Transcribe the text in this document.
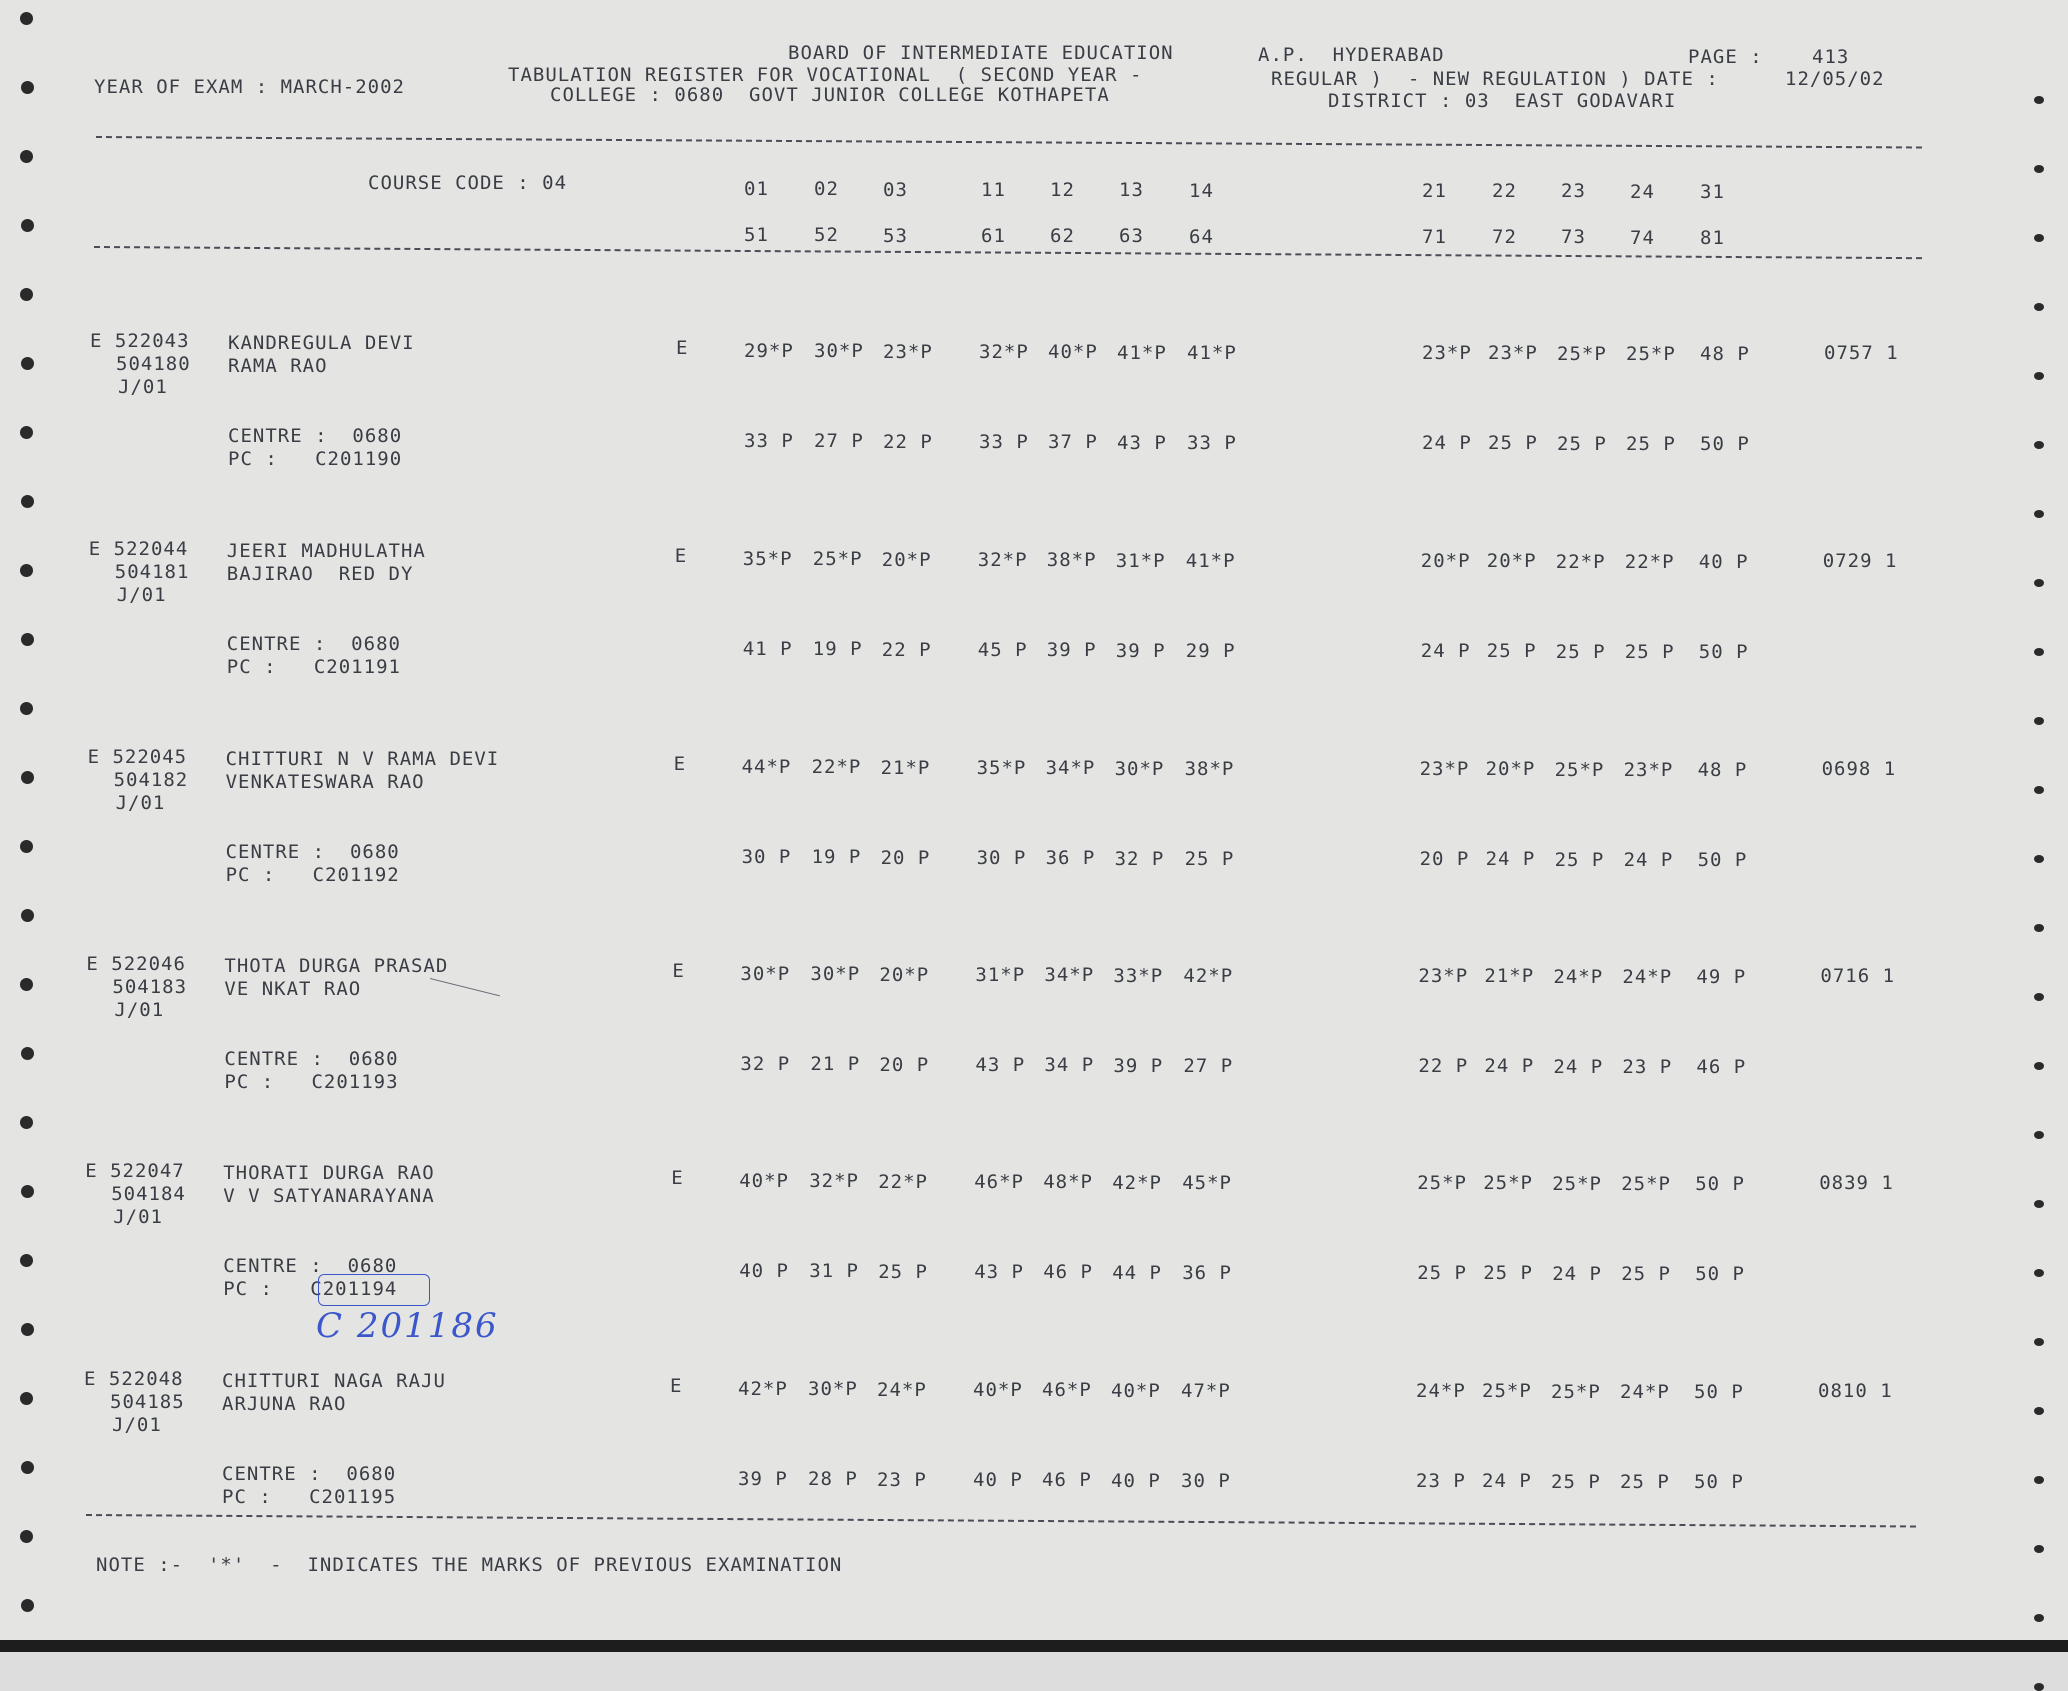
BOARD OF INTERMEDIATE EDUCATION	A.P.  HYDERABAD	PAGE :	413
YEAR OF EXAM : MARCH-2002
TABULATION REGISTER FOR VOCATIONAL  ( SECOND YEAR -	REGULAR )  - NEW REGULATION ) DATE :	12/05/02
COLLEGE : 0680  GOVT JUNIOR COLLEGE KOTHAPETA	DISTRICT : 03  EAST GODAVARI
COURSE CODE : 04	01 02 03	11 12 13 14	21 22 23 24 31
51 52 53	61 62 63 64	71 72 73 74 81
E 522043
504180
J/01
KANDREGULA DEVI
RAMA RAO
E
CENTRE :  0680
PC :   C201190
29*P 30*P 23*P 32*P 40*P 41*P 41*P	23*P 23*P 25*P 25*P 48 P
33 P 27 P 22 P 33 P 37 P 43 P 33 P	24 P 25 P 25 P 25 P 50 P
0757 1
E 522044
504181
J/01
JEERI MADHULATHA
BAJIRAO  RED DY
E
CENTRE :  0680
PC :   C201191
35*P 25*P 20*P 32*P 38*P 31*P 41*P	20*P 20*P 22*P 22*P 40 P
41 P 19 P 22 P 45 P 39 P 39 P 29 P	24 P 25 P 25 P 25 P 50 P
0729 1
E 522045
504182
J/01
CHITTURI N V RAMA DEVI
VENKATESWARA RAO
E
CENTRE :  0680
PC :   C201192
44*P 22*P 21*P 35*P 34*P 30*P 38*P	23*P 20*P 25*P 23*P 48 P
30 P 19 P 20 P 30 P 36 P 32 P 25 P	20 P 24 P 25 P 24 P 50 P
0698 1
E 522046
504183
J/01
THOTA DURGA PRASAD
VE NKAT RAO
E
CENTRE :  0680
PC :   C201193
30*P 30*P 20*P 31*P 34*P 33*P 42*P	23*P 21*P 24*P 24*P 49 P
32 P 21 P 20 P 43 P 34 P 39 P 27 P	22 P 24 P 24 P 23 P 46 P
0716 1
E 522047
504184
J/01
THORATI DURGA RAO
V V SATYANARAYANA
E
CENTRE :  0680
PC :   C201194
40*P 32*P 22*P 46*P 48*P 42*P 45*P	25*P 25*P 25*P 25*P 50 P
40 P 31 P 25 P 43 P 46 P 44 P 36 P	25 P 25 P 24 P 25 P 50 P
0839 1
E 522048
504185
J/01
CHITTURI NAGA RAJU
ARJUNA RAO
E
CENTRE :  0680
PC :   C201195
42*P 30*P 24*P 40*P 46*P 40*P 47*P	24*P 25*P 25*P 24*P 50 P
39 P 28 P 23 P 40 P 46 P 40 P 30 P	23 P 24 P 25 P 25 P 50 P
0810 1
C 201186
NOTE :-  '*'  -  INDICATES THE MARKS OF PREVIOUS EXAMINATION
